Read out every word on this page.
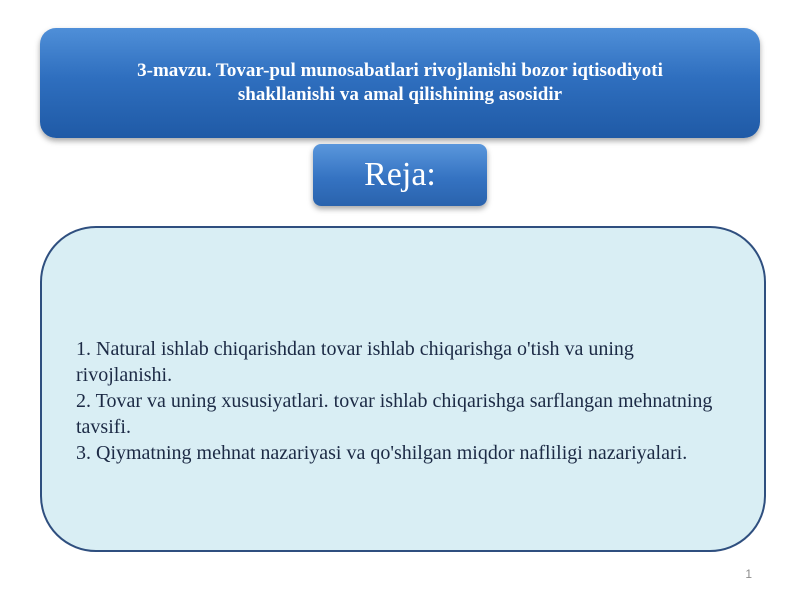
3-mavzu. Tovar-pul munosabatlari rivojlanishi bozor iqtisodiyoti
shakllanishi va amal qilishining asosidir

Reja:

1. Natural ishlab chiqarishdan tovar ishlab chiqarishga o'tish va uning rivojlanishi.
2. Tovar va uning xususiyatlari. tovar ishlab chiqarishga sarflangan mehnatning tavsifi.
3. Qiymatning mehnat nazariyasi va qo'shilgan miqdor nafliligi nazariyalari.
1
